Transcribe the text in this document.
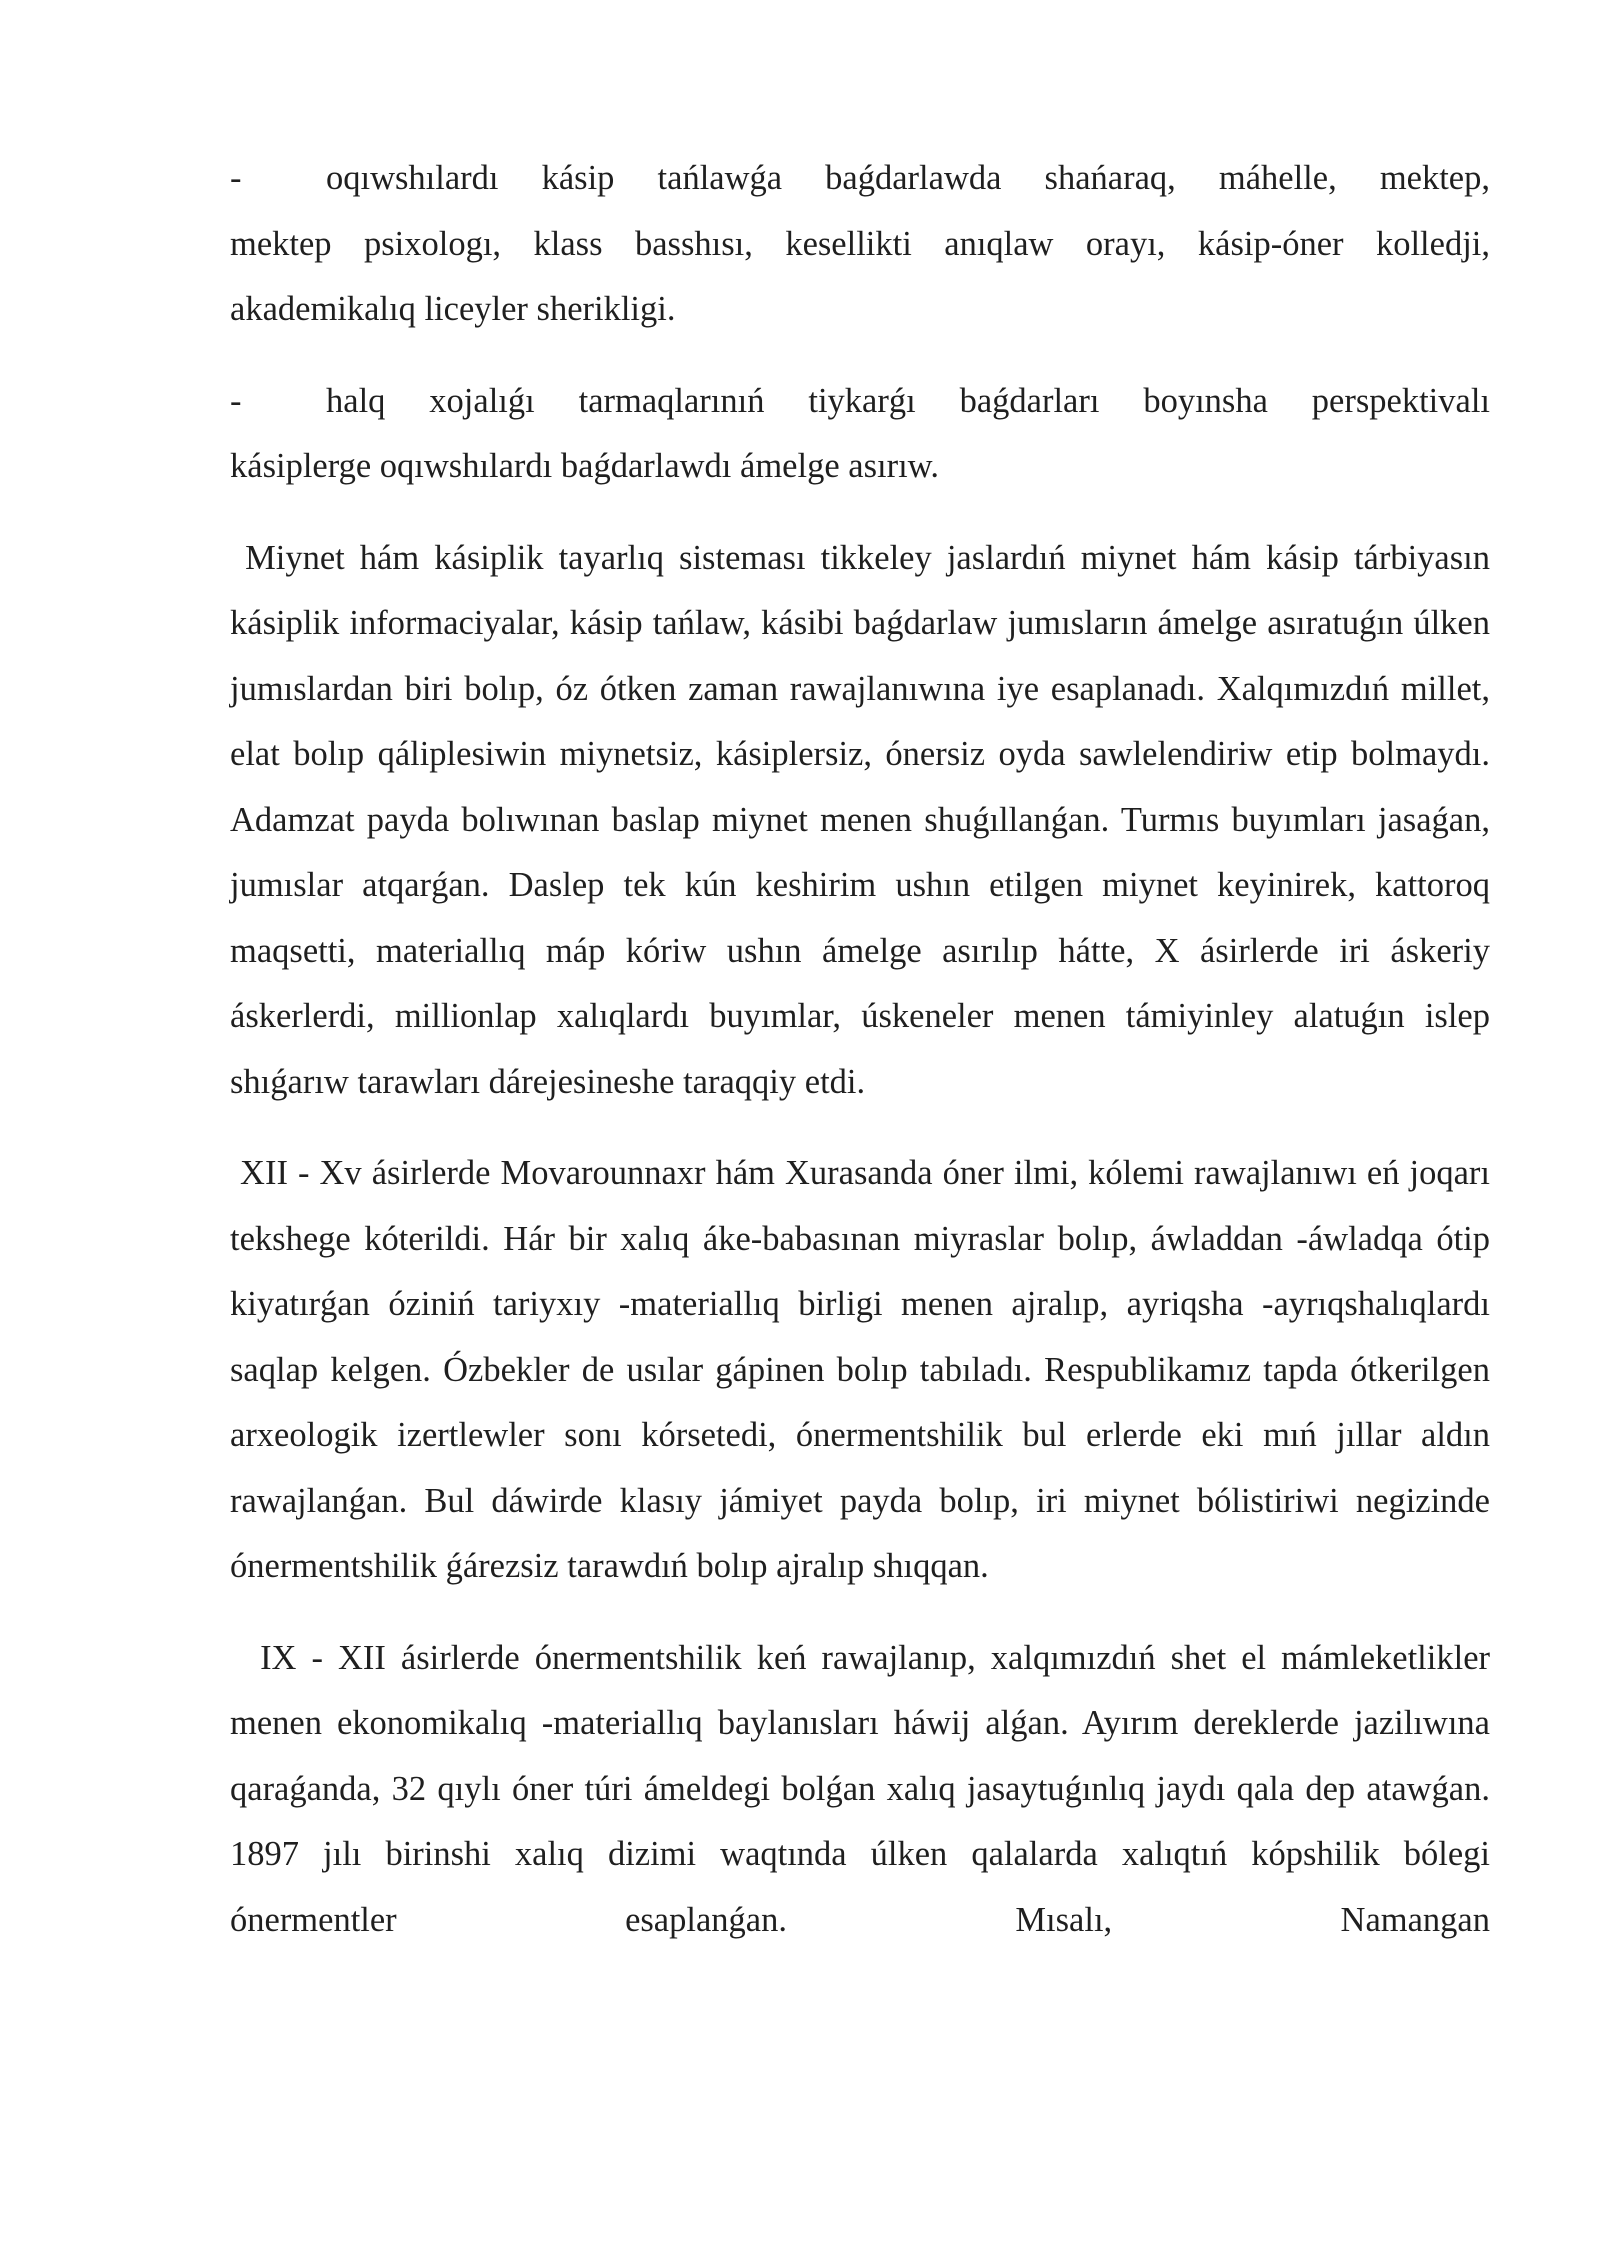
-	oqıwshılardı kásip tańlawǵa baǵdarlawda shańaraq, máhelle, mektep,
mektep psixologı, klass basshısı, kesellikti anıqlaw orayı, kásip-óner kolledji, akademikalıq liceyler sherikligi.
-	halq xojalıǵı tarmaqlarınıń tiykarǵı baǵdarları boyınsha perspektivalı
kásiplerge oqıwshılardı baǵdarlawdı ámelge asırıw.

Miynet hám kásiplik tayarlıq sisteması tikkeley jaslardıń miynet hám kásip tárbiyasın kásiplik informaciyalar, kásip tańlaw, kásibi baǵdarlaw jumısların ámelge asıratuǵın úlken jumıslardan biri bolıp, óz ótken zaman rawajlanıwına iye esaplanadı. Xalqımızdıń millet, elat bolıp qáliplesiwin miynetsiz, kásiplersiz, ónersiz oyda sawlelendiriw etip bolmaydı. Adamzat payda bolıwınan baslap miynet menen shuǵıllanǵan. Turmıs buyımları jasaǵan, jumıslar atqarǵan. Daslep tek kún keshirim ushın etilgen miynet keyinirek, kattoroq maqsetti, materiallıq máp kóriw ushın ámelge asırılıp hátte, X ásirlerde iri áskeriy áskerlerdi, millionlap xalıqlardı buyımlar, úskeneler menen támiyinley alatuǵın islep shıǵarıw tarawları dárejesineshe taraqqiy etdi.

XII - Xv ásirlerde Movarounnaxr hám Xurasanda óner ilmi, kólemi rawajlanıwı eń joqarı tekshege kóterildi. Hár bir xalıq áke-babasınan miyraslar bolıp, áwladdan -áwladqa ótip kiyatırǵan óziniń tariyxıy -materiallıq birligi menen ajralıp, ayriqsha -ayrıqshalıqlardı saqlap kelgen. Ózbekler de usılar gápinen bolıp tabıladı. Respublikamız tapda ótkerilgen arxeologik izertlewler sonı kórsetedi, ónermentshilik bul erlerde eki mıń jıllar aldın rawajlanǵan. Bul dáwirde klasıy jámiyet payda bolıp, iri miynet bólistiriwi negizinde ónermentshilik ǵárezsiz tarawdıń bolıp ajralıp shıqqan.

IX - XII ásirlerde ónermentshilik keń rawajlanıp, xalqımızdıń shet el mámleketlikler menen ekonomikalıq -materiallıq baylanısları háwij alǵan. Ayırım dereklerde jazilıwına qaraǵanda, 32 qıylı óner túri ámeldegi bolǵan xalıq jasaytuǵınlıq jaydı qala dep atawǵan. 1897 jılı birinshi xalıq dizimi waqtında úlken qalalarda xalıqtıń kópshilik bólegi ónermentler esaplanǵan. Mısalı, Namangan
